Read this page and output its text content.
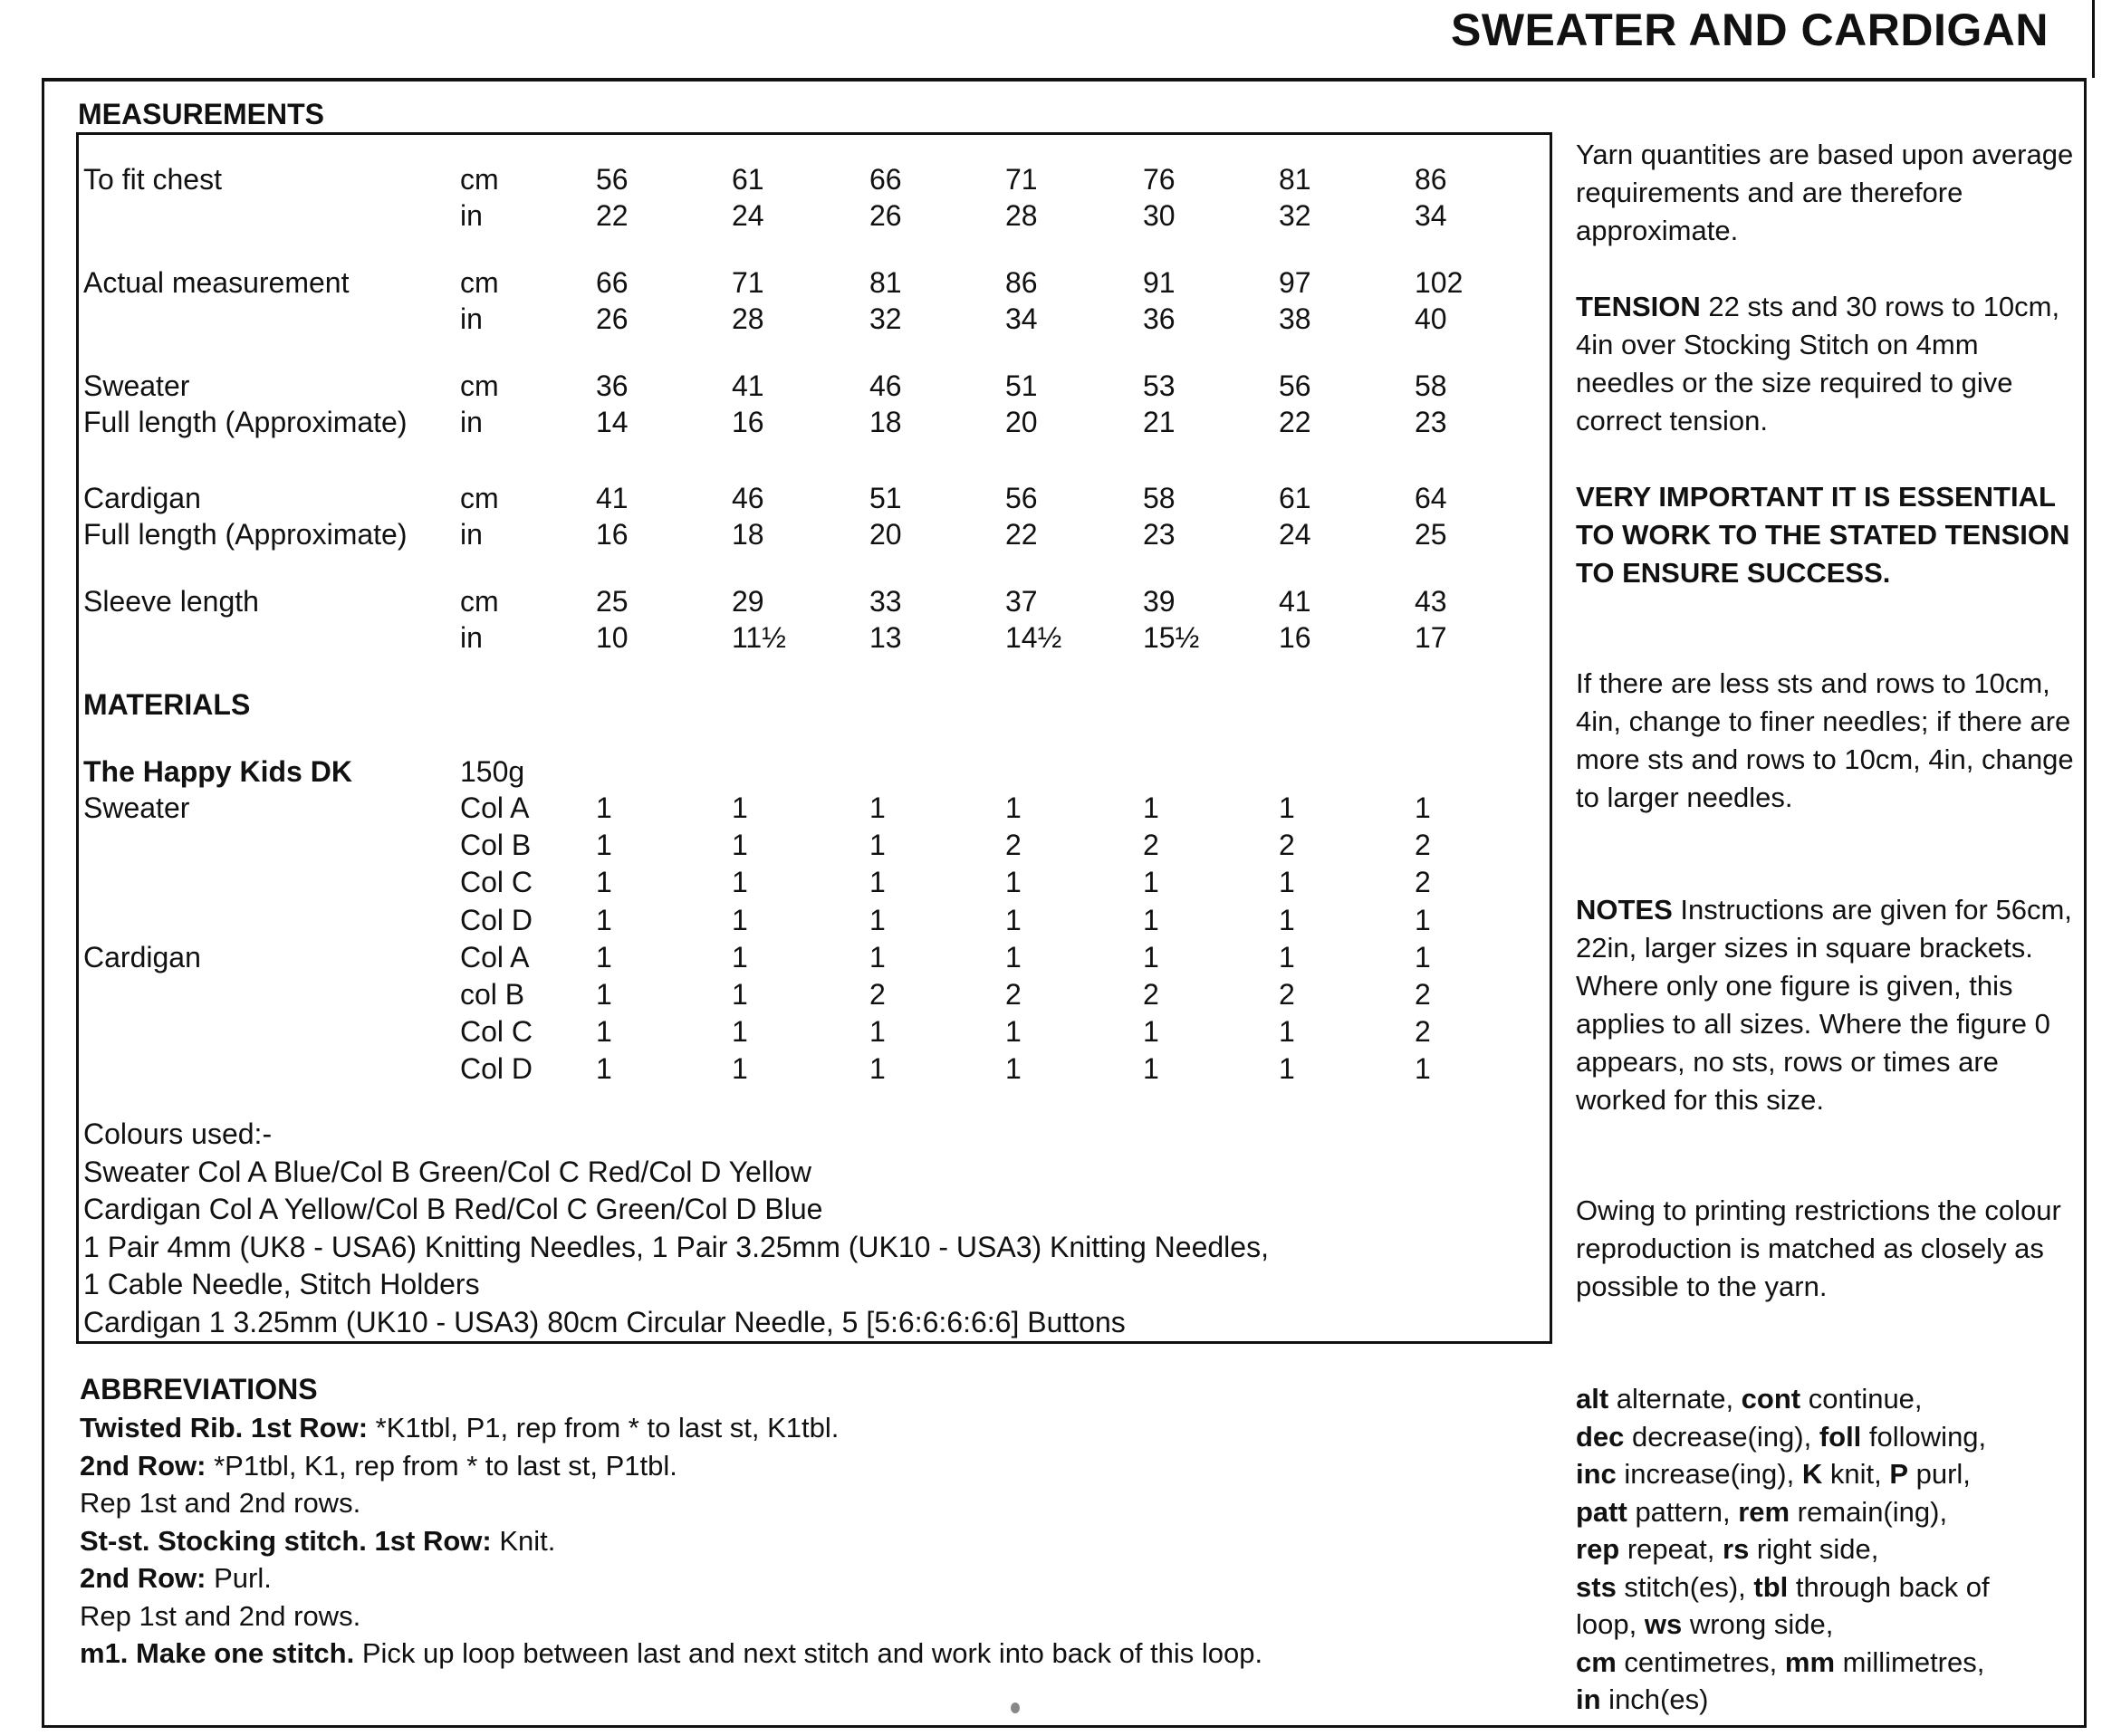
SWEATER AND CARDIGAN
MEASUREMENTS
To fit chest	cm	56	61	66	71	76	81	86
in	22	24	26	28	30	32	34
Actual measurement	cm	66	71	81	86	91	97	102
in	26	28	32	34	36	38	40
Sweater	cm	36	41	46	51	53	56	58
Full length (Approximate) in	14	16	18	20	21	22	23
Cardigan	cm	41	46	51	56	58	61	64
Full length (Approximate) in	16	18	20	22	23	24	25
Sleeve length	cm	25	29	33	37	39	41	43
in	10	11½	13	14½	15½	16	17
MATERIALS
The Happy Kids DK	150g
Sweater	Col A 1	1	1	1	1	1	1
Col B 1	1	1	2	2	2	2
Col C 1	1	1	1	1	1	2
Col D 1	1	1	1	1	1	1
Cardigan	Col A 1	1	1	1	1	1	1
col B 1	1	2	2	2	2	2
Col C 1	1	1	1	1	1	2
Col D 1	1	1	1	1	1	1
Colours used:-
Sweater Col A Blue/Col B Green/Col C Red/Col D Yellow
Cardigan Col A Yellow/Col B Red/Col C Green/Col D Blue
1 Pair 4mm (UK8 - USA6) Knitting Needles, 1 Pair 3.25mm (UK10 - USA3) Knitting Needles,
1 Cable Needle, Stitch Holders
Cardigan 1 3.25mm (UK10 - USA3) 80cm Circular Needle, 5 [5:6:6:6:6:6] Buttons
Yarn quantities are based upon average requirements and are therefore approximate.
TENSION 22 sts and 30 rows to 10cm, 4in over Stocking Stitch on 4mm needles or the size required to give correct tension.
VERY IMPORTANT IT IS ESSENTIAL TO WORK TO THE STATED TENSION TO ENSURE SUCCESS.
If there are less sts and rows to 10cm, 4in, change to finer needles; if there are more sts and rows to 10cm, 4in, change to larger needles.
NOTES Instructions are given for 56cm, 22in, larger sizes in square brackets. Where only one figure is given, this applies to all sizes. Where the figure 0 appears, no sts, rows or times are worked for this size.
Owing to printing restrictions the colour reproduction is matched as closely as possible to the yarn.
ABBREVIATIONS
Twisted Rib. 1st Row: *K1tbl, P1, rep from * to last st, K1tbl.
2nd Row: *P1tbl, K1, rep from * to last st, P1tbl.
Rep 1st and 2nd rows.
St-st. Stocking stitch. 1st Row: Knit.
2nd Row: Purl.
Rep 1st and 2nd rows.
m1. Make one stitch. Pick up loop between last and next stitch and work into back of this loop.
alt alternate, cont continue,
dec decrease(ing), foll following,
inc increase(ing), K knit, P purl,
patt pattern, rem remain(ing),
rep repeat, rs right side,
sts stitch(es), tbl through back of
loop, ws wrong side,
cm centimetres, mm millimetres,
in inch(es)
